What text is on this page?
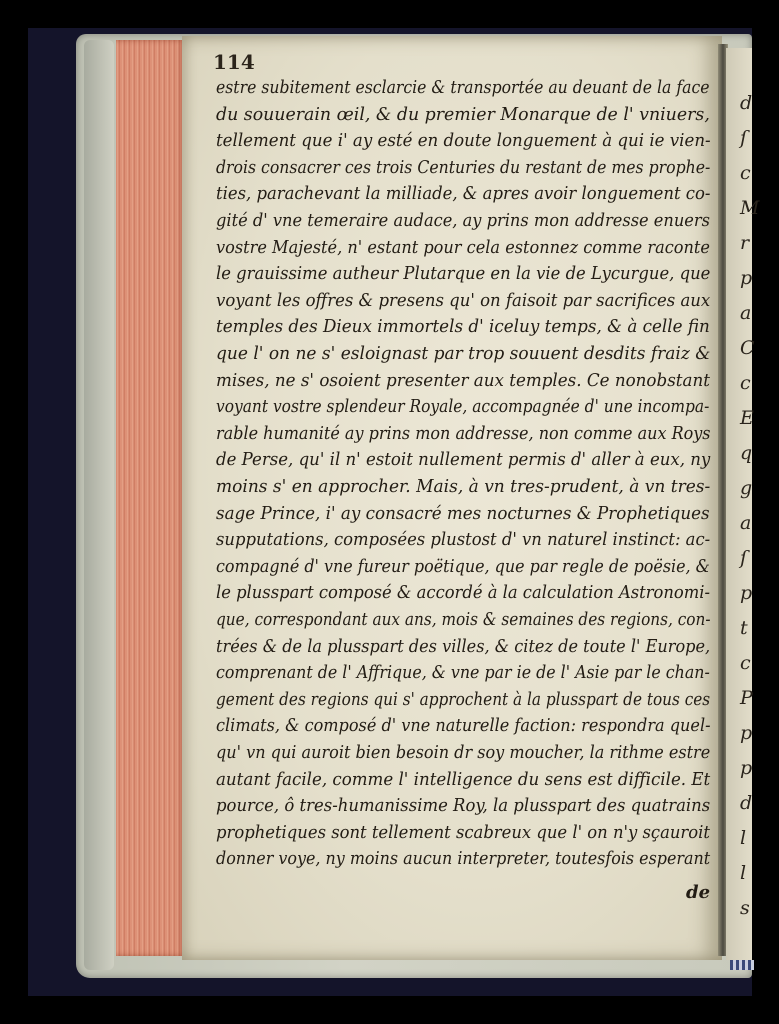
d
ſ
c
M
r
p
a
C
c
E
q
g
a
ſ
p
t
c
P
p
p
d
l
l
s
114
estre subitement esclarcie & transportée au deuant de la face
du souuerain œil, & du premier Monarque de l' vniuers,
tellement que i' ay esté en doute longuement à qui ie vien-
drois consacrer ces trois Centuries du restant de mes prophe-
ties, parachevant la milliade, & apres avoir longuement co-
gité d' vne temeraire audace, ay prins mon addresse enuers
vostre Majesté, n' estant pour cela estonnez comme raconte
le grauissime autheur Plutarque en la vie de Lycurgue, que
voyant les offres & presens qu' on faisoit par sacrifices aux
temples des Dieux immortels d' iceluy temps, & à celle fin
que l' on ne s' esloignast par trop souuent desdits fraiz &
mises, ne s' osoient presenter aux temples. Ce nonobstant
voyant vostre splendeur Royale, accompagnée d' une incompa-
rable humanité ay prins mon addresse, non comme aux Roys
de Perse, qu' il n' estoit nullement permis d' aller à eux, ny
moins s' en approcher. Mais, à vn tres-prudent, à vn tres-
sage Prince, i' ay consacré mes nocturnes & Prophetiques
supputations, composées plustost d' vn naturel instinct: ac-
compagné d' vne fureur poëtique, que par regle de poësie, &
le plusspart composé & accordé à la calculation Astronomi-
que, correspondant aux ans, mois & semaines des regions, con-
trées & de la plusspart des villes, & citez de toute l' Europe,
comprenant de l' Affrique, & vne par ie de l' Asie par le chan-
gement des regions qui s' approchent à la plusspart de tous ces
climats, & composé d' vne naturelle faction: respondra quel-
qu' vn qui auroit bien besoin dr soy moucher, la rithme estre
autant facile, comme l' intelligence du sens est difficile. Et
pource, ô tres-humanissime Roy, la plusspart des quatrains
prophetiques sont tellement scabreux que l' on n'y sçauroit
donner voye, ny moins aucun interpreter, toutesfois esperant
de
